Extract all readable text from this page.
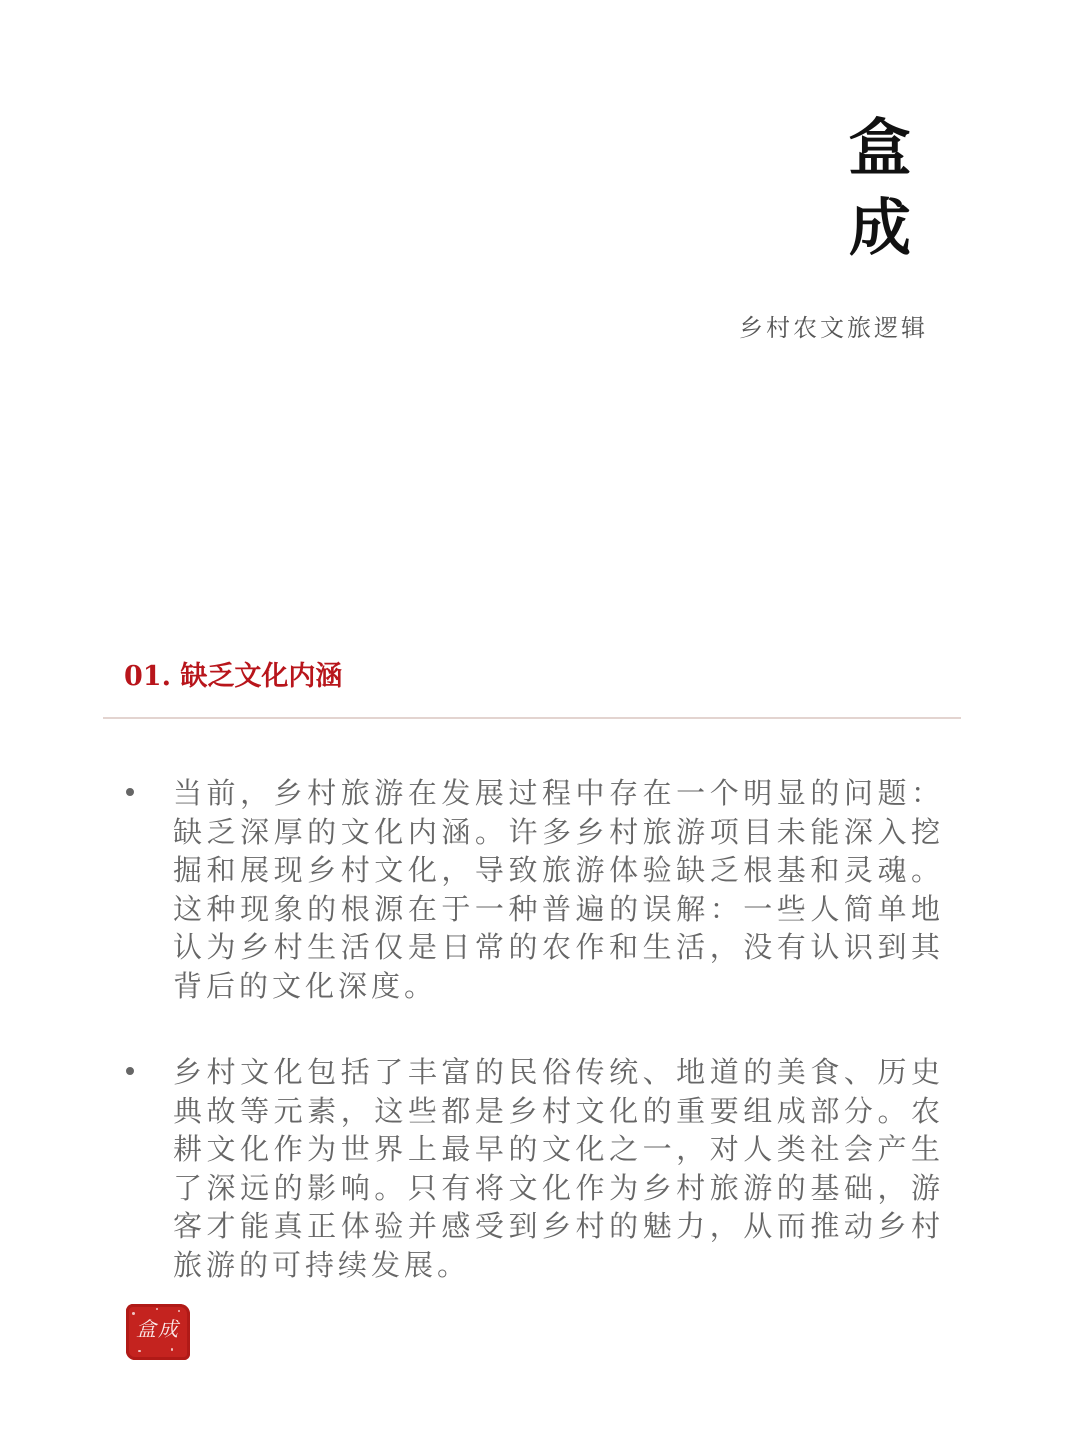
盒成
乡村农文旅逻辑
01. 缺乏文化内涵
当前，乡村旅游在发展过程中存在一个明显的问题：缺乏深厚的文化内涵。许多乡村旅游项目未能深入挖掘和展现乡村文化，导致旅游体验缺乏根基和灵魂。这种现象的根源在于一种普遍的误解：一些人简单地认为乡村生活仅是日常的农作和生活，没有认识到其背后的文化深度。
乡村文化包括了丰富的民俗传统、地道的美食、历史典故等元素，这些都是乡村文化的重要组成部分。农耕文化作为世界上最早的文化之一，对人类社会产生了深远的影响。只有将文化作为乡村旅游的基础，游客才能真正体验并感受到乡村的魅力，从而推动乡村旅游的可持续发展。
盒成
